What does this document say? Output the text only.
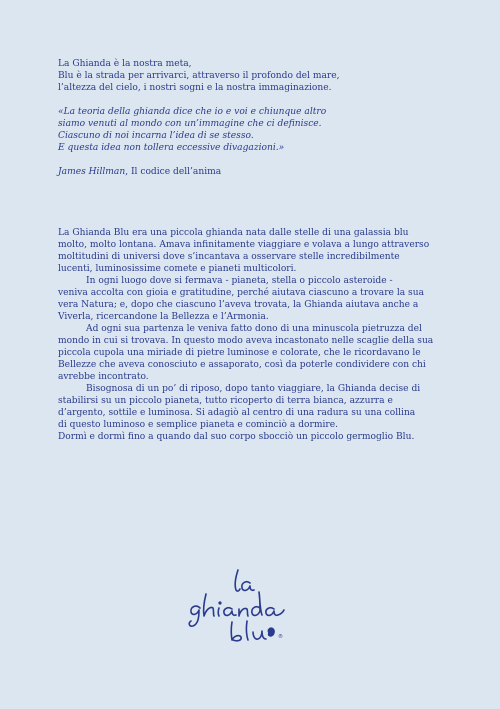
La Ghianda è la nostra meta,
Blu è la strada per arrivarci, attraverso il profondo del mare,
l’altezza del cielo, i nostri sogni e la nostra immaginazione.

«La teoria della ghianda dice che io e voi e chiunque altro
siamo venuti al mondo con un’immagine che ci definisce.
Ciascuno di noi incarna l’idea di se stesso.
E questa idea non tollera eccessive divagazioni.»

James Hillman, Il codice dell’anima

La Ghianda Blu era una piccola ghianda nata dalle stelle di una galassia blu
molto, molto lontana. Amava infinitamente viaggiare e volava a lungo attraverso
moltitudini di universi dove s’incantava a osservare stelle incredibilmente
lucenti, luminosissime comete e pianeti multicolori.

In ogni luogo dove si fermava - pianeta, stella o piccolo asteroide -
veniva accolta con gioia e gratitudine, perché aiutava ciascuno a trovare la sua
vera Natura; e, dopo che ciascuno l’aveva trovata, la Ghianda aiutava anche a
Viverla, ricercandone la Bellezza e l’Armonia.

Ad ogni sua partenza le veniva fatto dono di una minuscola pietruzza del
mondo in cui si trovava. In questo modo aveva incastonato nelle scaglie della sua
piccola cupola una miriade di pietre luminose e colorate, che le ricordavano le
Bellezze che aveva conosciuto e assaporato, così da poterle condividere con chi
avrebbe incontrato.

Bisognosa di un po’ di riposo, dopo tanto viaggiare, la Ghianda decise di
stabilirsi su un piccolo pianeta, tutto ricoperto di terra bianca, azzurra e
d’argento, sottile e luminosa. Si adagiò al centro di una radura su una collina
di questo luminoso e semplice pianeta e cominciò a dormire.
Dormì e dormì fino a quando dal suo corpo sbocciò un piccolo germoglio Blu.

®
